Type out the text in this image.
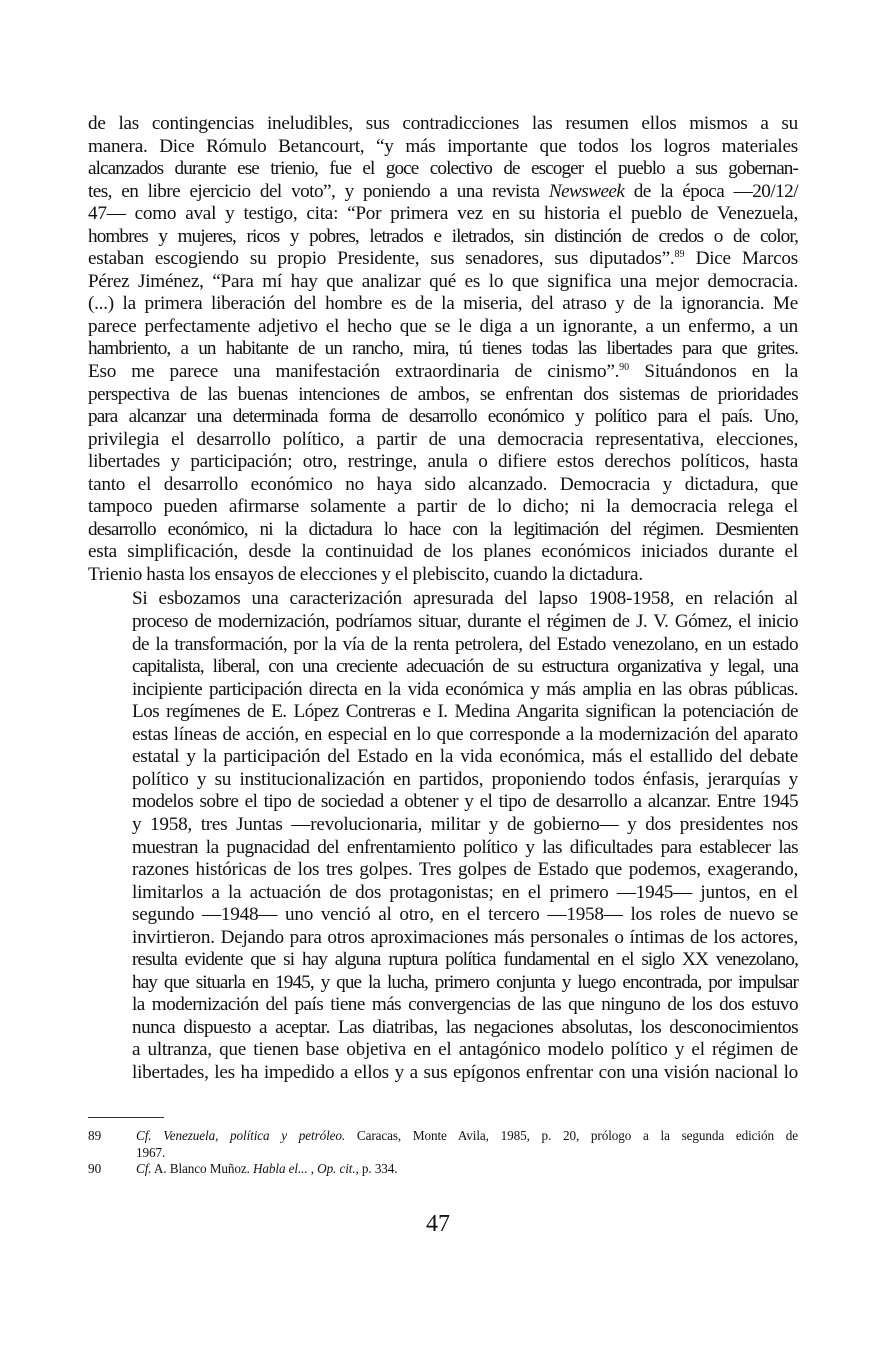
de las contingencias ineludibles, sus contradicciones las resumen ellos mismos a su
manera. Dice Rómulo Betancourt, “y más importante que todos los logros materiales
alcanzados durante ese trienio, fue el goce colectivo de escoger el pueblo a sus gobernan-
tes, en libre ejercicio del voto”, y poniendo a una revista Newsweek de la época —20/12/
47— como aval y testigo, cita: “Por primera vez en su historia el pueblo de Venezuela,
hombres y mujeres, ricos y pobres, letrados e iletrados, sin distinción de credos o de color,
estaban escogiendo su propio Presidente, sus senadores, sus diputados”.$^{89}$ Dice Marcos
Pérez Jiménez, “Para mí hay que analizar qué es lo que significa una mejor democracia.
(...) la primera liberación del hombre es de la miseria, del atraso y de la ignorancia. Me
parece perfectamente adjetivo el hecho que se le diga a un ignorante, a un enfermo, a un
hambriento, a un habitante de un rancho, mira, tú tienes todas las libertades para que grites.
Eso me parece una manifestación extraordinaria de cinismo”.$^{90}$ Situándonos en la
perspectiva de las buenas intenciones de ambos, se enfrentan dos sistemas de prioridades
para alcanzar una determinada forma de desarrollo económico y político para el país. Uno,
privilegia el desarrollo político, a partir de una democracia representativa, elecciones,
libertades y participación; otro, restringe, anula o difiere estos derechos políticos, hasta
tanto el desarrollo económico no haya sido alcanzado. Democracia y dictadura, que
tampoco pueden afirmarse solamente a partir de lo dicho; ni la democracia relega el
desarrollo económico, ni la dictadura lo hace con la legitimación del régimen. Desmienten
esta simplificación, desde la continuidad de los planes económicos iniciados durante el
Trienio hasta los ensayos de elecciones y el plebiscito, cuando la dictadura.

Si esbozamos una caracterización apresurada del lapso 1908-1958, en relación al
proceso de modernización, podríamos situar, durante el régimen de J. V. Gómez, el inicio
de la transformación, por la vía de la renta petrolera, del Estado venezolano, en un estado
capitalista, liberal, con una creciente adecuación de su estructura organizativa y legal, una
incipiente participación directa en la vida económica y más amplia en las obras públicas.
Los regímenes de E. López Contreras e I. Medina Angarita significan la potenciación de
estas líneas de acción, en especial en lo que corresponde a la modernización del aparato
estatal y la participación del Estado en la vida económica, más el estallido del debate
político y su institucionalización en partidos, proponiendo todos énfasis, jerarquías y
modelos sobre el tipo de sociedad a obtener y el tipo de desarrollo a alcanzar. Entre 1945
y 1958, tres Juntas —revolucionaria, militar y de gobierno— y dos presidentes nos
muestran la pugnacidad del enfrentamiento político y las dificultades para establecer las
razones históricas de los tres golpes. Tres golpes de Estado que podemos, exagerando,
limitarlos a la actuación de dos protagonistas; en el primero —1945— juntos, en el
segundo —1948— uno venció al otro, en el tercero —1958— los roles de nuevo se
invirtieron. Dejando para otros aproximaciones más personales o íntimas de los actores,
resulta evidente que si hay alguna ruptura política fundamental en el siglo XX venezolano,
hay que situarla en 1945, y que la lucha, primero conjunta y luego encontrada, por impulsar
la modernización del país tiene más convergencias de las que ninguno de los dos estuvo
nunca dispuesto a aceptar. Las diatribas, las negaciones absolutas, los desconocimientos
a ultranza, que tienen base objetiva en el antagónico modelo político y el régimen de
libertades, les ha impedido a ellos y a sus epígonos enfrentar con una visión nacional lo

89	Cf. Venezuela, política y petróleo. Caracas, Monte Avila, 1985, p. 20, prólogo a la segunda edición de
1967.
90	Cf. A. Blanco Muñoz. Habla el... , Op. cit., p. 334.
47
